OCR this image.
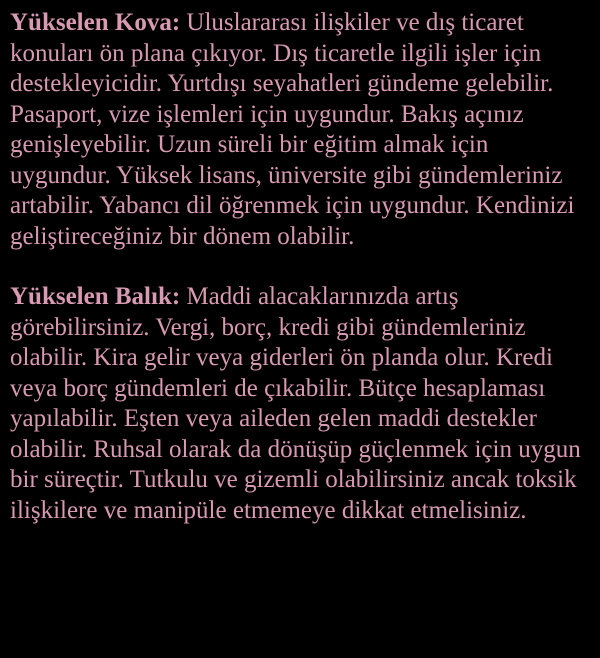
Yükselen Kova: Uluslararası ilişkiler ve dış ticaret konuları ön plana çıkıyor. Dış ticaretle ilgili işler için destekleyicidir. Yurtdışı seyahatleri gündeme gelebilir. Pasaport, vize işlemleri için uygundur. Bakış açınız genişleyebilir. Uzun süreli bir eğitim almak için uygundur. Yüksek lisans, üniversite gibi gündemleriniz artabilir. Yabancı dil öğrenmek için uygundur. Kendinizi geliştireceğiniz bir dönem olabilir.

Yükselen Balık: Maddi alacaklarınızda artış görebilirsiniz. Vergi, borç, kredi gibi gündemleriniz olabilir. Kira gelir veya giderleri ön planda olur. Kredi veya borç gündemleri de çıkabilir. Bütçe hesaplaması yapılabilir. Eşten veya aileden gelen maddi destekler olabilir. Ruhsal olarak da dönüşüp güçlenmek için uygun bir süreçtir. Tutkulu ve gizemli olabilirsiniz ancak toksik ilişkilere ve manipüle etmemeye dikkat etmelisiniz.
